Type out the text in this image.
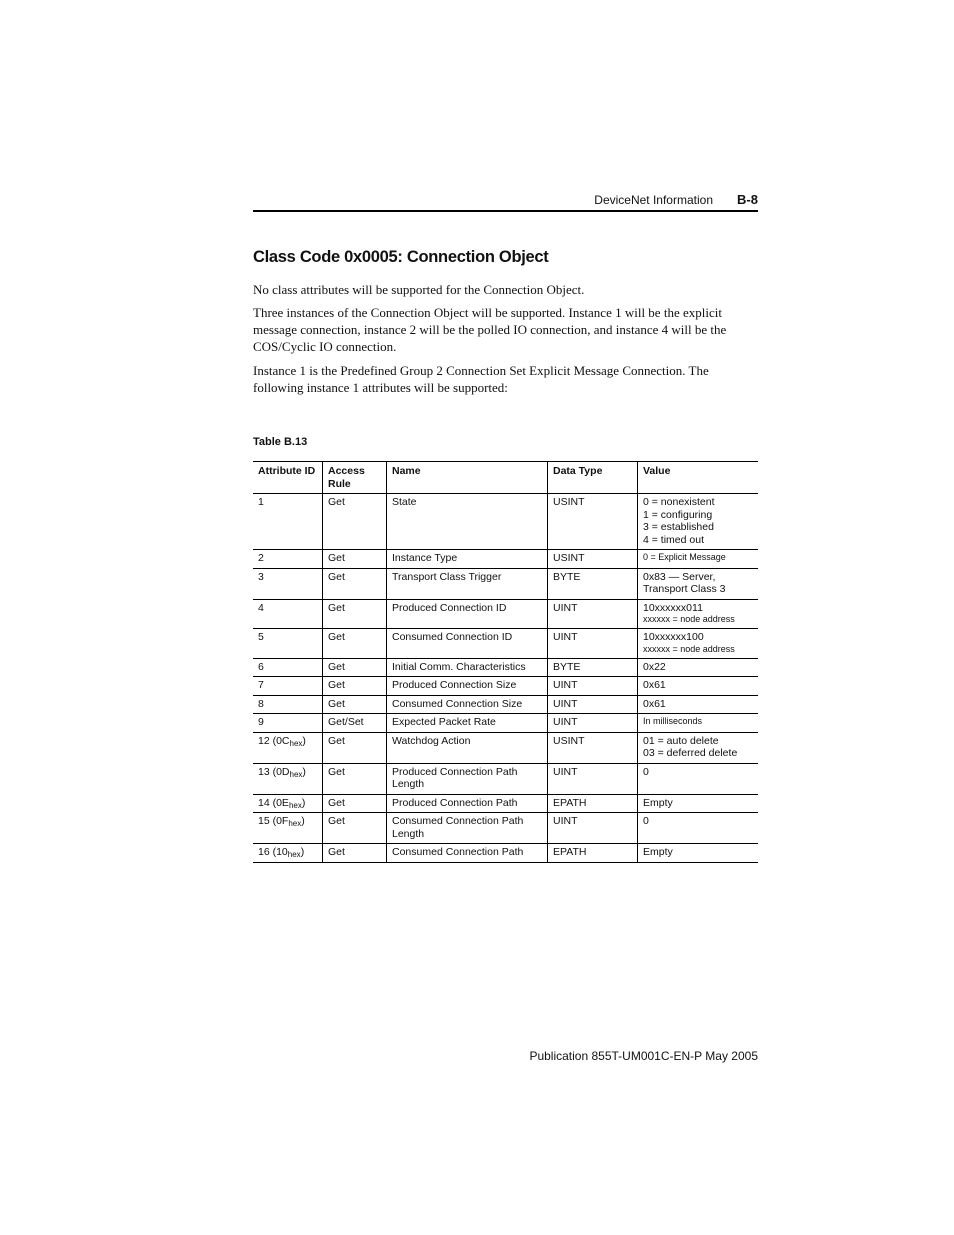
DeviceNet Information B-8
Class Code 0x0005: Connection Object

No class attributes will be supported for the Connection Object.

Three instances of the Connection Object will be supported. Instance 1 will be the explicit message connection, instance 2 will be the polled IO connection, and instance 4 will be the COS/Cyclic IO connection.

Instance 1 is the Predefined Group 2 Connection Set Explicit Message Connection. The following instance 1 attributes will be supported:

Table B.13
Attribute ID	Access Rule	Name	Data Type	Value
1	Get	State	USINT	0 = nonexistent
1 = configuring
3 = established
4 = timed out

2	Get	Instance Type	USINT	0 = Explicit Message

3	Get	Transport Class Trigger	BYTE	0x83 — Server,
Transport Class 3

4	Get	Produced Connection ID	UINT	10xxxxxx011
xxxxxx = node address

5	Get	Consumed Connection ID	UINT	10xxxxxx100
xxxxxx = node address

6	Get	Initial Comm. Characteristics	BYTE	0x22

7	Get	Produced Connection Size	UINT	0x61

8	Get	Consumed Connection Size	UINT	0x61

9	Get/Set	Expected Packet Rate	UINT	In milliseconds

12 $(0C_{hex})$	Get	Watchdog Action	USINT	01 = auto delete
03 = deferred delete

13 $(0D_{hex})$	Get	Produced Connection Path Length	UINT	0

14 $(0E_{hex})$	Get	Produced Connection Path	EPATH	Empty

15 $(0F_{hex})$	Get	Consumed Connection Path Length	UINT	0

16 $(10_{hex})$	Get	Consumed Connection Path	EPATH	Empty
Publication 855T-UM001C-EN-P May 2005
